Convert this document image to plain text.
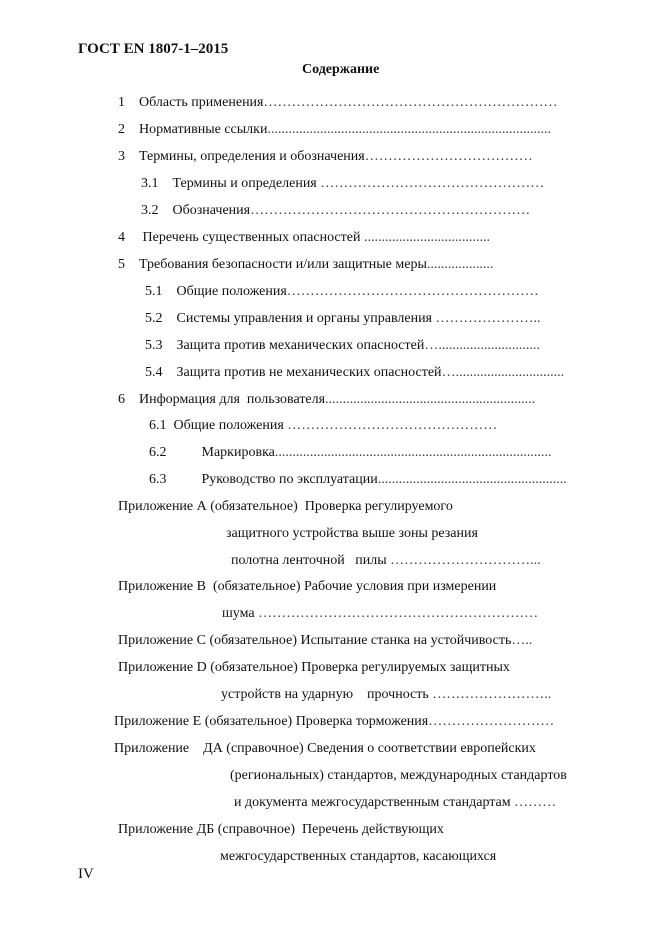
ГОСТ EN 1807-1–2015
Содержание
1    Область применения………………………………………………………
2    Нормативные ссылки.................................................................................
3    Термины, определения и обозначения………………………………
3.1    Термины и определения …………………………………………
3.2    Обозначения……………………………………………………
4     Перечень существенных опасностей ....................................
5    Требования безопасности и/или защитные меры...................
5.1    Общие положения………………………………………………
5.2    Системы управления и органы управления …………………..
5.3    Защита против механических опасностей….............................
5.4    Защита против не механических опасностей…...............................
6    Информация для  пользователя............................................................
6.1  Общие положения ………………………………………
6.2          Маркировка...............................................................................
6.3          Руководство по эксплуатации......................................................
Приложение А (обязательное)  Проверка регулируемого
защитного устройства выше зоны резания
полотна ленточной   пилы …………………………...
Приложение В  (обязательное) Рабочие условия при измерении
шума ……………………………………………………
Приложение С (обязательное) Испытание станка на устойчивость…..
Приложение D (обязательное) Проверка регулируемых защитных
устройств на ударную    прочность ……………………..
Приложение Е (обязательное) Проверка торможения………………………
Приложение    ДА (справочное) Сведения о соответствии европейских
(региональных) стандартов, международных стандартов
и документа межгосударственным стандартам ………
Приложение ДБ (справочное)  Перечень действующих
межгосударственных стандартов, касающихся
IV
